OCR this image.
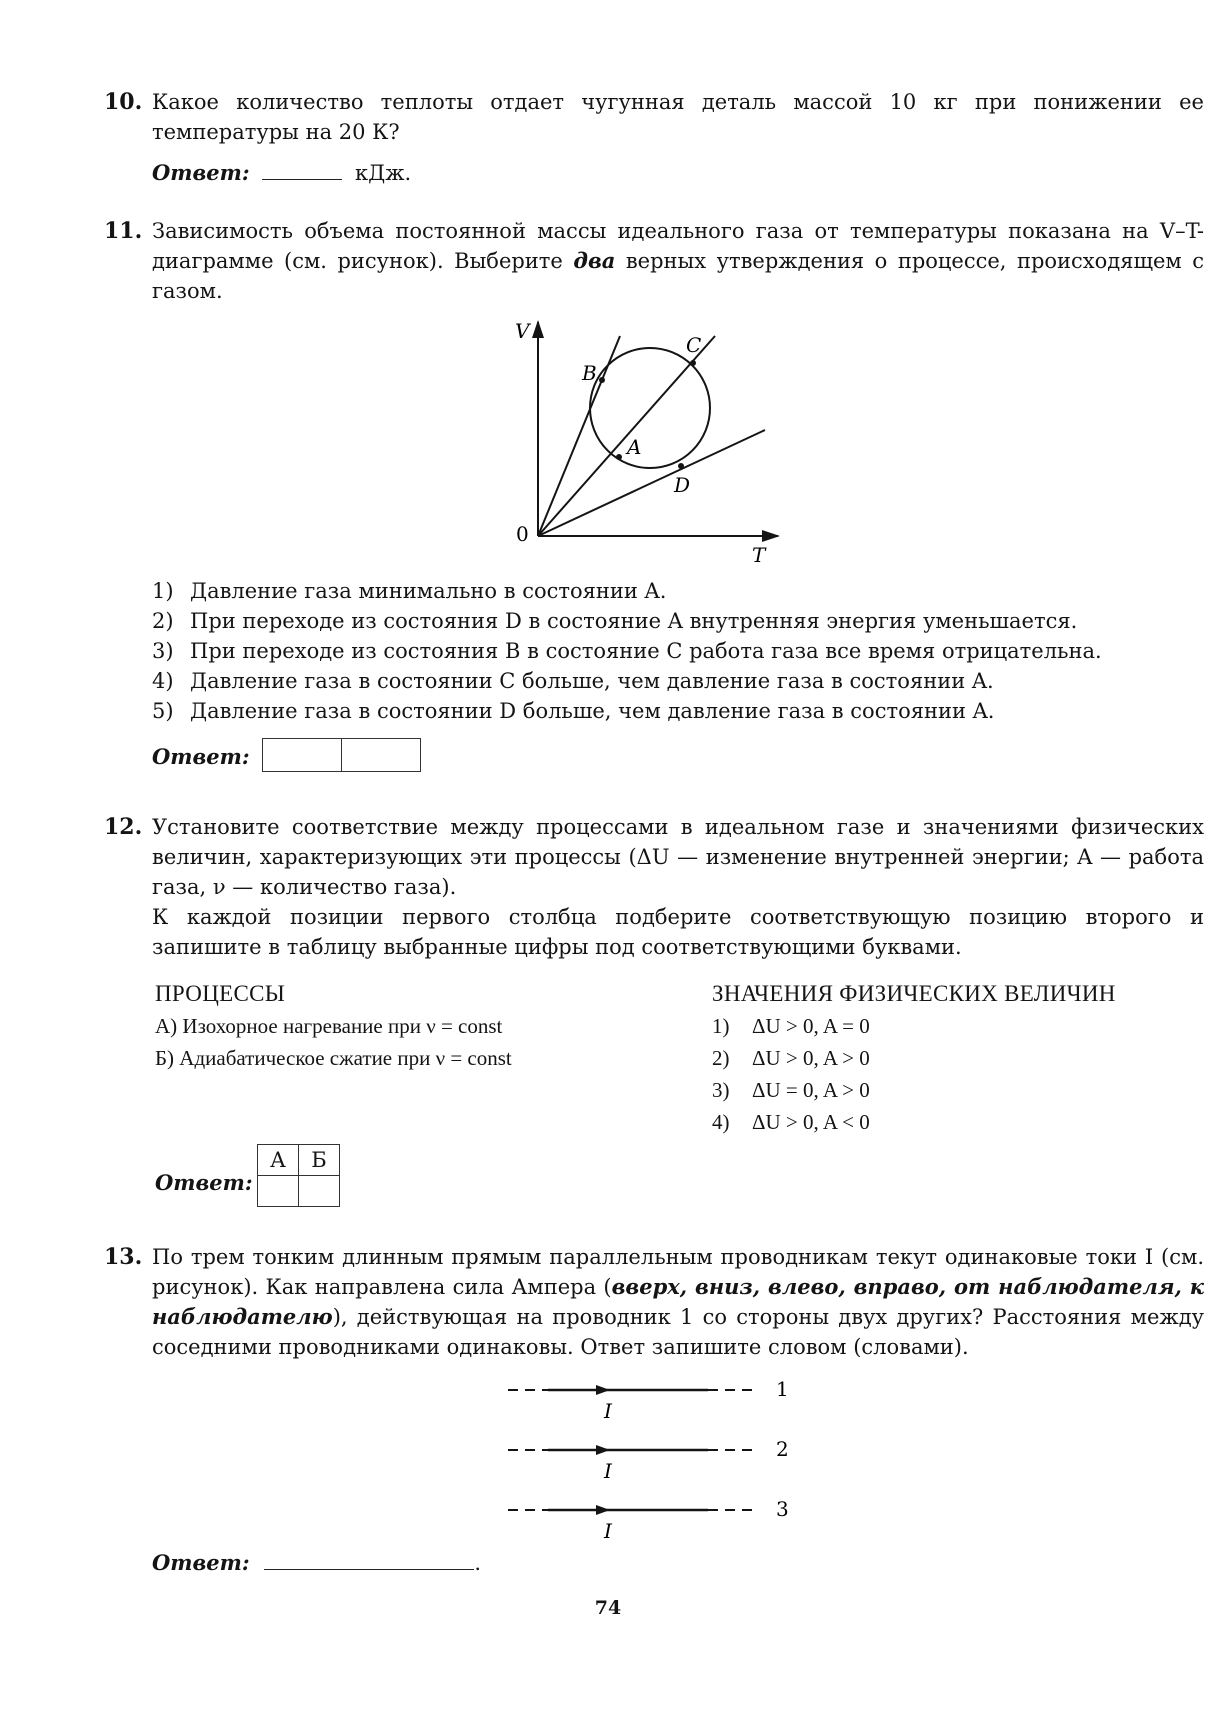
10. Какое количество теплоты отдает чугунная деталь массой 10 кг при понижении ее температуры на 20 К?
Ответ:	кДж.
11. Зависимость объема постоянной массы идеального газа от температуры показана на V–T-диаграмме (см. рисунок). Выберите два верных утверждения о процессе, происходящем с газом.
V
T
0
B
A
C
D
1) Давление газа минимально в состоянии A.
2) При переходе из состояния D в состояние A внутренняя энергия уменьшается.
3) При переходе из состояния B в состояние C работа газа все время отрицательна.
4) Давление газа в состоянии C больше, чем давление газа в состоянии A.
5) Давление газа в состоянии D больше, чем давление газа в состоянии A.
Ответ:
12. Установите соответствие между процессами в идеальном газе и значениями физических величин, характеризующих эти процессы (ΔU — изменение внутренней энергии; A — работа газа, ν — количество газа).
К каждой позиции первого столбца подберите соответствующую позицию второго и запишите в таблицу выбранные цифры под соответствующими буквами.
ПРОЦЕССЫ
А) Изохорное нагревание при ν = const
Б) Адиабатическое сжатие при ν = const
ЗНАЧЕНИЯ ФИЗИЧЕСКИХ ВЕЛИЧИН
1) ΔU > 0, A = 0
2) ΔU > 0, A > 0
3) ΔU = 0, A > 0
4) ΔU > 0, A < 0
Ответ:
А	Б

13. По трем тонким длинным прямым параллельным проводникам текут одинаковые токи I (см. рисунок). Как направлена сила Ампера (вверх, вниз, влево, вправо, от наблюдателя, к наблюдателю), действующая на проводник 1 со стороны двух других? Расстояния между соседними проводниками одинаковы. Ответ запишите словом (словами).
1
I
2
I
3
I
Ответ:	.
74
